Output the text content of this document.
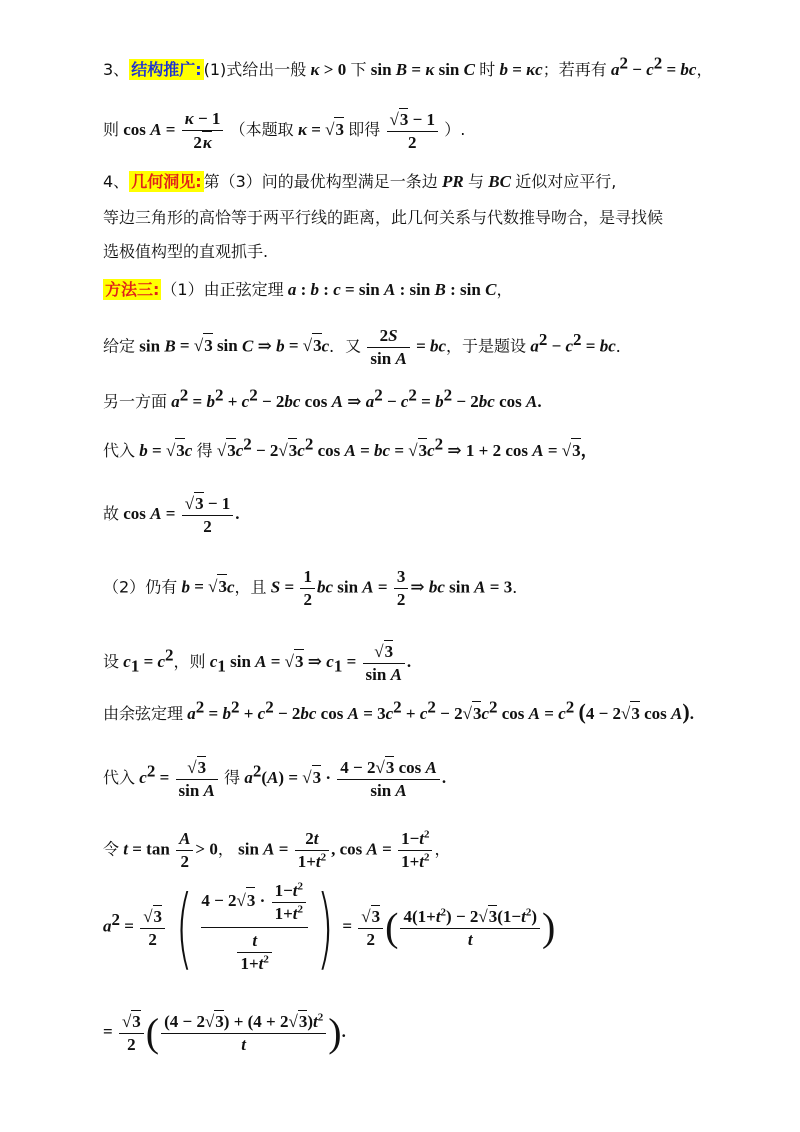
3、 结构推广: (1)式给出一般 κ > 0 下 sin B = κ sin C 时 b = κc；若再有 $a^2 - c^2$ = bc，
则 $\cos A = \frac{\kappa - 1}{2\kappa}$ （本题取 κ = √3 即得 $\frac{√3 - 1}{2}$ ）.
4、 几何洞见: 第（3）问的最优构型满足一条边 PR 与 BC 近似对应平行,
等边三角形的高恰等于两平行线的距离，此几何关系与代数推导吻合，是寻找候
选极值构型的直观抓手.
方法三: （1）由正弦定理 a : b : c = sin A : sin B : sin C，
给定 sin B = √3 sin C ⇒ b = √3c．又 $\frac{2S}{\text{sin A}}$ = bc，于是题设 $a^2 - c^2$ = bc．
另一方面 $a^2 = b^2 + c^2 - 2bc$ cos A ⇒ $a^2 - c^2 = b^2 - 2bc$ cos A.
代入 b = √3c 得 $√3c^2 - 2√3c^2$ cos A = bc = $√3c^2$ ⇒ 1 + 2 cos A = √3，
故 $\cos A = \frac{√3 - 1}{2}$ .
（2）仍有 b = √3c，且 $S = \frac{1}{2}$ bc $\sin A = \frac{3}{2}$ ⇒ bc sin A = 3．
设 $c_1 = c^2$，则 $c_1$ sin A = √3 ⇒ $c_1 = \frac{√3}{\text{sin A}}$ .
由余弦定理 $a^2 = b^2 + c^2 - 2bc$ $\cos A = 3c^2 + c^2 - 2√3c^2$ $\cos A = c^2$ (4 − 2√3 cos A).
代入 $c^2 = \frac{√3}{\text{sin A}}$ 得 $a^2(A) = √3 \cdot \frac{\text{4 − 2√3 cos A}}{\text{sin A}}$ .
令 $t = \tan \frac{A}{2} > 0$， $\sin A = \frac{2t}{1+t^2}$ , $\cos A = \frac{1-t^2}{1+t^2}$ ，
$a^2 = \frac{√3}{2}$ ( $\frac{4 - 2√3 \cdot \frac{1-t^2}{1+t^2}}{\frac{t}{1+t^2}}$ ) = $\frac{√3}{2}$ ( $\frac{4(1+t^2) - 2√3(1-t^2)}{t}$ )
= $\frac{√3}{2}$ ( $\frac{(4 - 2√3) + (4 + 2√3)t^2}{t}$ ).
